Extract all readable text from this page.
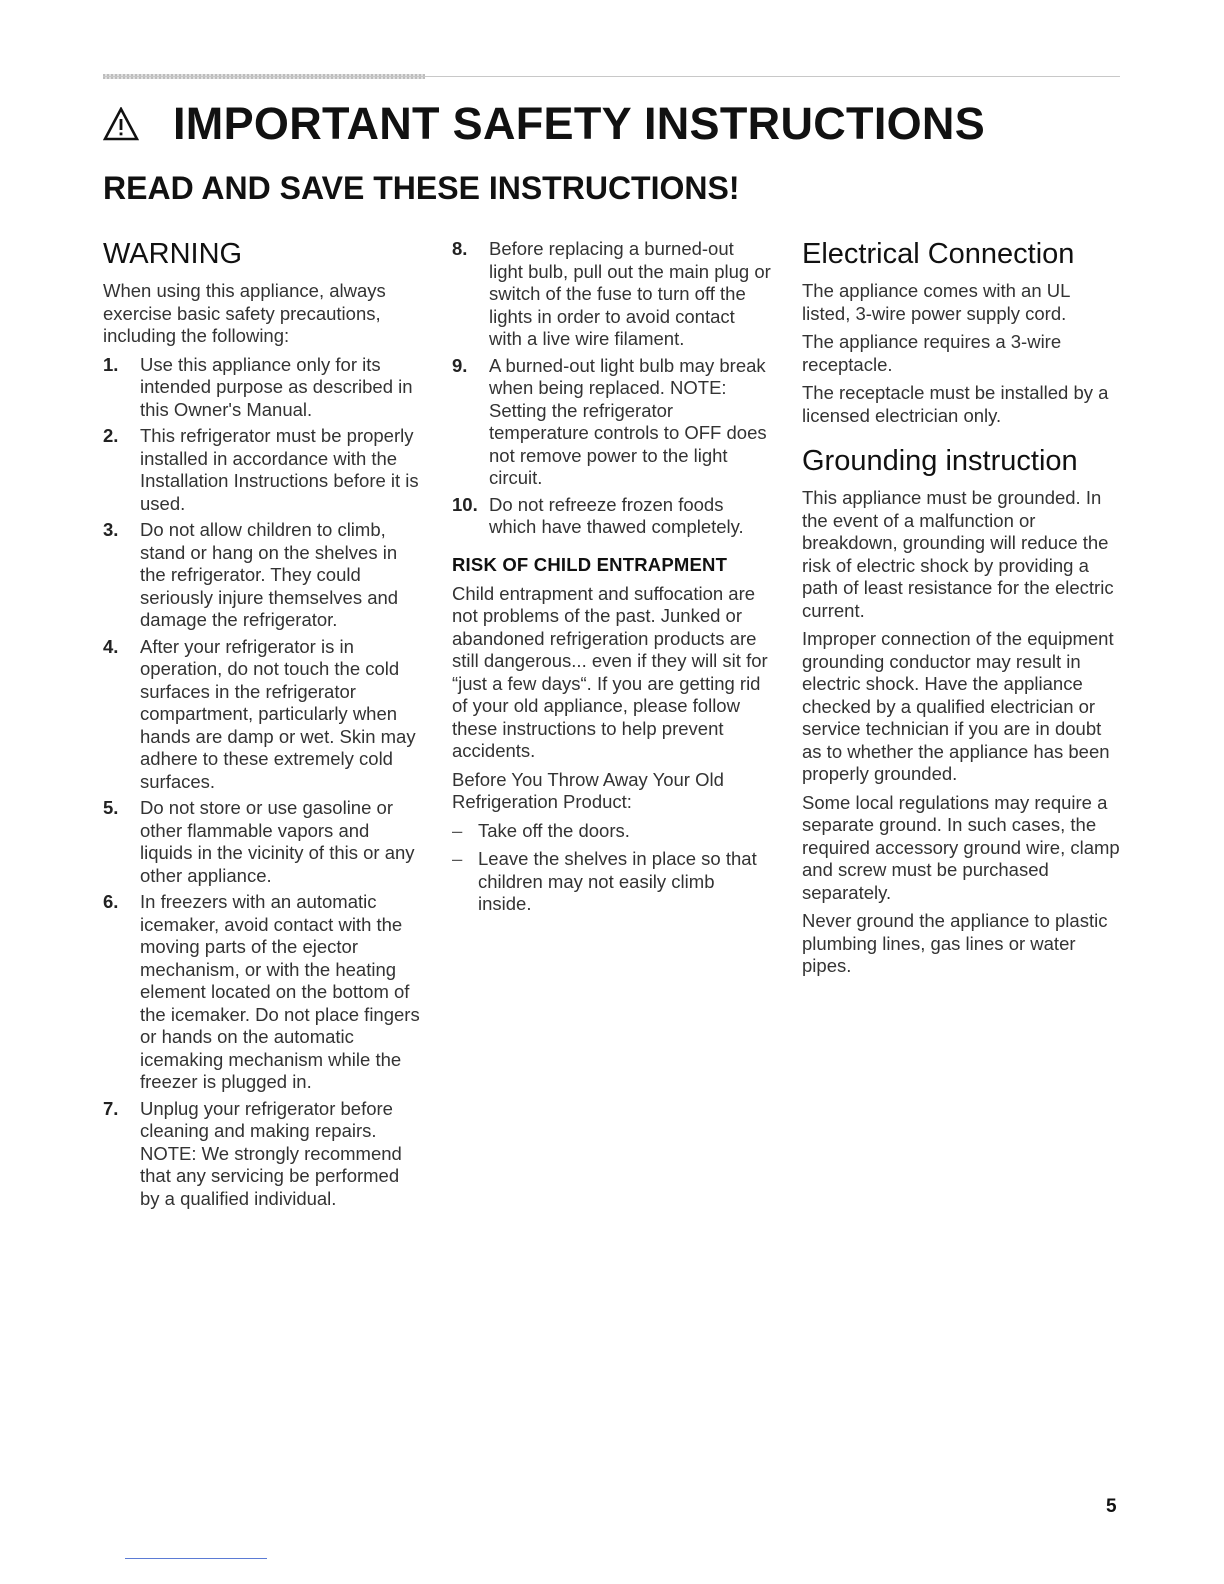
IMPORTANT SAFETY INSTRUCTIONS
READ AND SAVE THESE INSTRUCTIONS!
WARNING

When using this appliance, always exercise basic safety precautions, including the following:

1. Use this appliance only for its intended purpose as described in this Owner's Manual.
2. This refrigerator must be properly installed in accordance with the Installation Instructions before it is used.
3. Do not allow children to climb, stand or hang on the shelves in the refrigerator. They could seriously injure themselves and damage the refrigerator.
4. After your refrigerator is in operation, do not touch the cold surfaces in the refrigerator compartment, particularly when hands are damp or wet. Skin may adhere to these extremely cold surfaces.
5. Do not store or use gasoline or other flammable vapors and liquids in the vicinity of this or any other appliance.
6. In freezers with an automatic icemaker, avoid contact with the moving parts of the ejector mechanism, or with the heating element located on the bottom of the icemaker. Do not place fingers or hands on the automatic icemaking mechanism while the freezer is plugged in.
7. Unplug your refrigerator before cleaning and making repairs. NOTE: We strongly recommend that any servicing be performed by a qualified individual.
8. Before replacing a burned-out light bulb, pull out the main plug or switch of the fuse to turn off the lights in order to avoid contact with a live wire filament.
9. A burned-out light bulb may break when being replaced. NOTE: Setting the refrigerator temperature controls to OFF does not remove power to the light circuit.
10. Do not refreeze frozen foods which have thawed completely.
RISK OF CHILD ENTRAPMENT

Child entrapment and suffocation are not problems of the past. Junked or abandoned refrigeration products are still dangerous... even if they will sit for “just a few days“. If you are getting rid of your old appliance, please follow these instructions to help prevent accidents.

Before You Throw Away Your Old Refrigeration Product:

– Take off the doors.
– Leave the shelves in place so that children may not easily climb inside.
Electrical Connection

The appliance comes with an UL listed, 3-wire power supply cord.

The appliance requires a 3-wire receptacle.

The receptacle must be installed by a licensed electrician only.

Grounding instruction

This appliance must be grounded. In the event of a malfunction or breakdown, grounding will reduce the risk of electric shock by providing a path of least resistance for the electric current.

Improper connection of the equipment grounding conductor may result in electric shock. Have the appliance checked by a qualified electrician or service technician if you are in doubt as to whether the appliance has been properly grounded.

Some local regulations may require a separate ground. In such cases, the required accessory ground wire, clamp and screw must be purchased separately.

Never ground the appliance to plastic plumbing lines, gas lines or water pipes.

5
